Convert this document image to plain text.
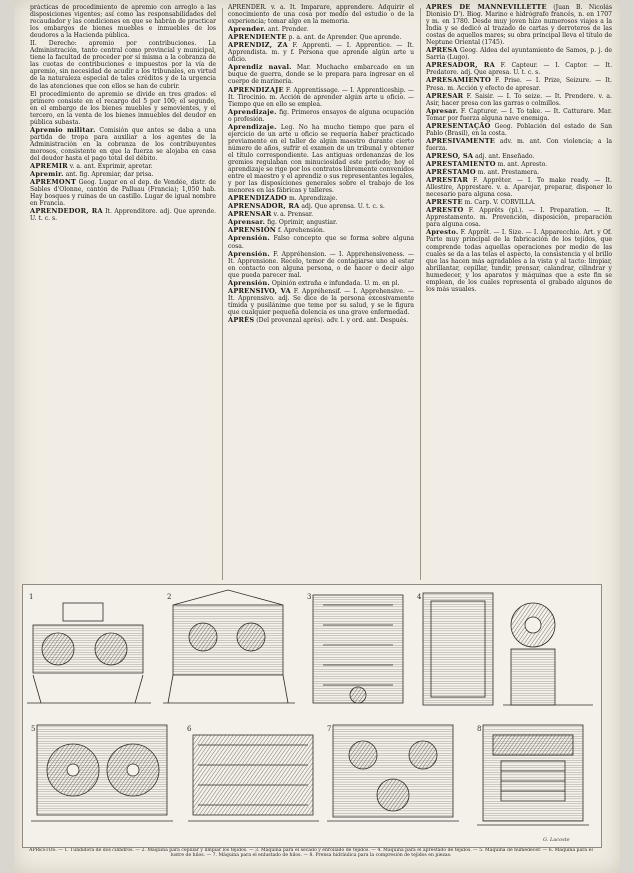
prácticas de procedimiento de apremio con arreglo a las disposiciones vigentes; así como las responsabilidades del recaudador y las condiciones en que se habrán de practicar los embargos de bienes muebles e inmuebles de los deudores a la Hacienda pública.

II. Derecho: apremio por contribuciones. La Administración, tanto central como provincial y municipal, tiene la facultad de proceder por sí misma a la cobranza de las cuotas de contribuciones e impuestos por la vía de apremio, sin necesidad de acudir a los tribunales, en virtud de la naturaleza especial de tales créditos y de la urgencia de las atenciones que con ellos se han de cubrir.

El procedimiento de apremio se divide en tres grados: el primero consiste en el recargo del 5 por 100; el segundo, en el embargo de los bienes muebles y semovientes, y el tercero, en la venta de los bienes inmuebles del deudor en pública subasta.

Apremio militar. Comisión que antes se daba a una partida de tropa para auxiliar a los agentes de la Administración en la cobranza de los contribuyentes morosos, consistente en que la fuerza se alojaba en casa del deudor hasta el pago total del débito.

APREMIR v. a. ant. Exprimir, apretar.

Apremir. ant. fig. Apremiar, dar prisa.

APREMONT Geog. Lugar en el dep. de Vendée, distr. de Sables d'Olonne, cantón de Palluau (Francia); 1,050 hab. Hay bosques y ruinas de un castillo. Lugar de igual nombre en Francia.

APRENDEDOR, RA It. Apprenditore. adj. Que aprende. U. t. c. s.

APRENDER. v. a. It. Imparare, apprendere. Adquirir el conocimiento de una cosa por medio del estudio o de la experiencia; tomar algo en la memoria.

Aprender. ant. Prender.

APRENDIENTE p. a. ant. de Aprender. Que aprende.

APRENDIZ, ZA F. Apprenti. — I. Apprentice. — It. Apprendista. m. y f. Persona que aprende algún arte u oficio.

Aprendiz naval. Mar. Muchacho embarcado en un buque de guerra, donde se le prepara para ingresar en el cuerpo de marinería.

APRENDIZAJE F. Apprentissage. — I. Apprenticeship. — It. Tirocinio. m. Acción de aprender algún arte u oficio. — Tiempo que en ello se emplea.

Aprendizaje. fig. Primeros ensayos de alguna ocupación o profesión.

Aprendizaje. Leg. No ha mucho tiempo que para el ejercicio de un arte u oficio se requería haber practicado previamente en el taller de algún maestro durante cierto número de años, sufrir el examen de un tribunal y obtener el título correspondiente. Las antiguas ordenanzas de los gremios regulaban con minuciosidad este período; hoy el aprendizaje se rige por los contratos libremente convenidos entre el maestro y el aprendiz o sus representantes legales, y por las disposiciones generales sobre el trabajo de los menores en las fábricas y talleres.

APRENDIZADO m. Aprendizaje.

APRENSADOR, RA adj. Que aprensa. U. t. c. s.

APRENSAR v. a. Prensar.

Aprensar. fig. Oprimir, angustiar.

APRENSIÓN f. Aprehensión.

Aprensión. Falso concepto que se forma sobre alguna cosa.

Aprensión. F. Appréhension. — I. Apprehensiveness. — It. Apprensione. Recelo, temor de contagiarse uno al estar en contacto con alguna persona, o de hacer o decir algo que pueda parecer mal.

Aprensión. Opinión extraña e infundada. U. m. en pl.

APRENSIVO, VA F. Appréhensif. — I. Apprehensive. — It. Apprensivo. adj. Se dice de la persona excesivamente tímida y pusilánime que teme por su salud, y se le figura que cualquier pequeña dolencia es una grave enfermedad.

APRÈS (Del provenzal après). adv. l. y ord. ant. Después.

APRÈS DE MANNEVILLETTE (Juan B. Nicolás Dionisio D'). Biog. Marino e hidrógrafo francés, n. en 1707 y m. en 1780. Desde muy joven hizo numerosos viajes a la India y se dedicó al trazado de cartas y derroteros de las costas de aquellos mares; su obra principal lleva el título de Neptune Oriental (1745).

APRESA Geog. Aldea del ayuntamiento de Samos, p. j. de Sarria (Lugo).

APRESADOR, RA F. Capteur. — I. Captor. — It. Predatore. adj. Que apresa. U. t. c. s.

APRESAMIENTO F. Prise. — I. Prize, Seizure. — It. Presa. m. Acción y efecto de apresar.

APRESAR F. Saisir. — I. To seize. — It. Prendere. v. a. Asir, hacer presa con las garras o colmillos.

Apresar. F. Capturer. — I. To take. — It. Catturare. Mar. Tomar por fuerza alguna nave enemiga.

APRESENTAÇÃO Geog. Población del estado de San Pablo (Brasil), en la costa.

APRESIVAMENTE adv. m. ant. Con violencia; a la fuerza.

APRESO, SA adj. ant. Enseñado.

APRESTAMIENTO m. ant. Apresto.

APRÉSTAMO m. ant. Prestamera.

APRESTAR F. Apprêter. — I. To make ready. — It. Allestire, Apprestare. v. a. Aparejar, preparar, disponer lo necesario para alguna cosa.

APRESTE m. Carp. V. CORVILLA.

APRESTO F. Apprêts (pl.). — I. Preparation. — It. Apprestamento. m. Prevención, disposición, preparación para alguna cosa.

Apresto. F. Apprêt. — I. Size. — I. Apparecchio. Art. y Of. Parte muy principal de la fabricación de los tejidos, que comprende todas aquellas operaciones por medio de las cuales se da a las telas el aspecto, la consistencia y el brillo que las hacen más agradables a la vista y al tacto: limpiar, abrillantar, cepillar, tundir, prensar, calandrar, cilindrar y humedecer, y los aparatos y máquinas que a este fin se emplean, de los cuales representa el grabado algunos de los más usuales.

1	2	3	4
5	6	7	8
G. Lacoste
APRESTOS. — 1. Tundidora de dos cilindros. — 2. Máquina para cepillar y limpiar los tejidos. — 3. Máquina para el secado y enrollado de tejidos. — 4. Máquina para el aprestado de tejidos. — 5. Máquina de humedecer. — 6. Máquina para el lustre de hilos. — 7. Máquina para el enlustado de hilos. — 8. Prensa hidráulica para la compresión de tejidos en piezas.
